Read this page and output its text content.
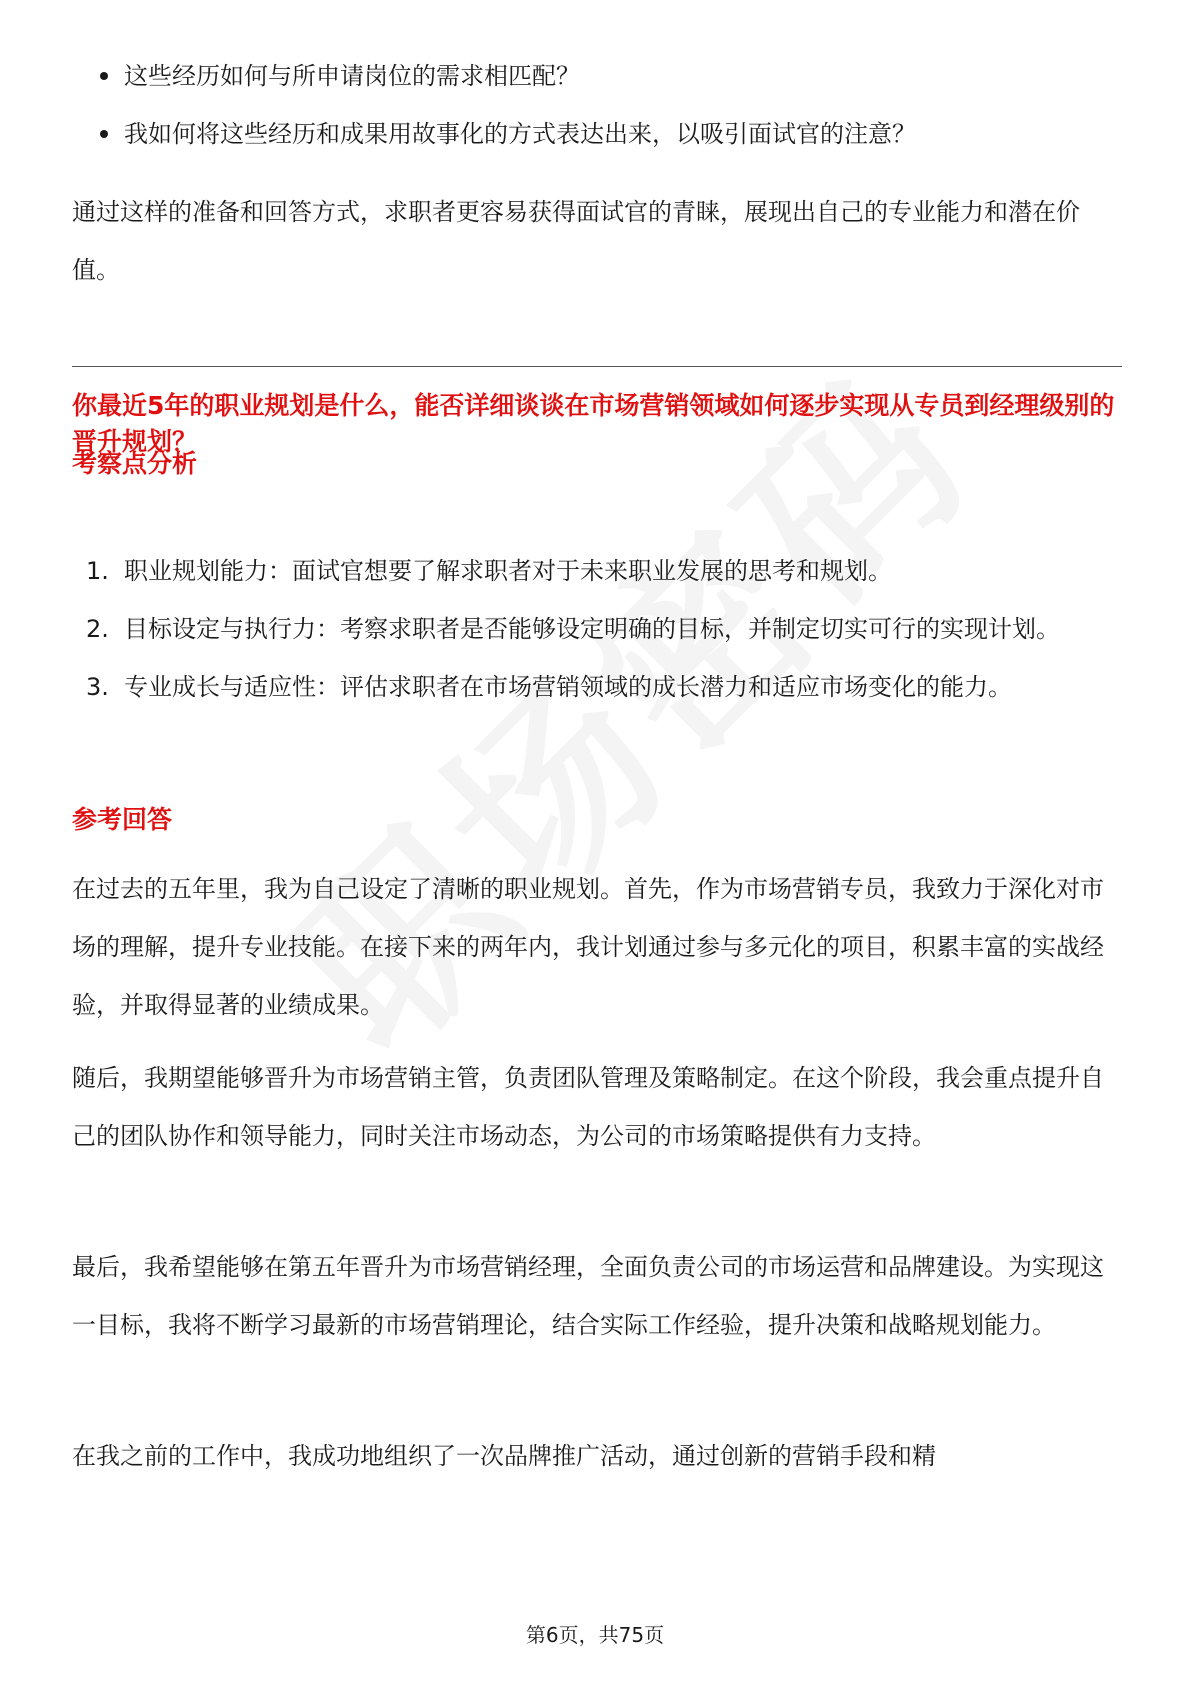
这些经历如何与所申请岗位的需求相匹配？
我如何将这些经历和成果用故事化的方式表达出来，以吸引面试官的注意？

通过这样的准备和回答方式，求职者更容易获得面试官的青睐，展现出自己的专业能力和潜在价值。

你最近5年的职业规划是什么，能否详细谈谈在市场营销领域如何逐步实现从专员到经理级别的晋升规划？

考察点分析

1. 职业规划能力：面试官想要了解求职者对于未来职业发展的思考和规划。
2. 目标设定与执行力：考察求职者是否能够设定明确的目标，并制定切实可行的实现计划。
3. 专业成长与适应性：评估求职者在市场营销领域的成长潜力和适应市场变化的能力。

参考回答

在过去的五年里，我为自己设定了清晰的职业规划。首先，作为市场营销专员，我致力于深化对市场的理解，提升专业技能。在接下来的两年内，我计划通过参与多元化的项目，积累丰富的实战经验，并取得显著的业绩成果。

随后，我期望能够晋升为市场营销主管，负责团队管理及策略制定。在这个阶段，我会重点提升自己的团队协作和领导能力，同时关注市场动态，为公司的市场策略提供有力支持。

最后，我希望能够在第五年晋升为市场营销经理，全面负责公司的市场运营和品牌建设。为实现这一目标，我将不断学习最新的市场营销理论，结合实际工作经验，提升决策和战略规划能力。

在我之前的工作中，我成功地组织了一次品牌推广活动，通过创新的营销手段和精

第6页，共75页
